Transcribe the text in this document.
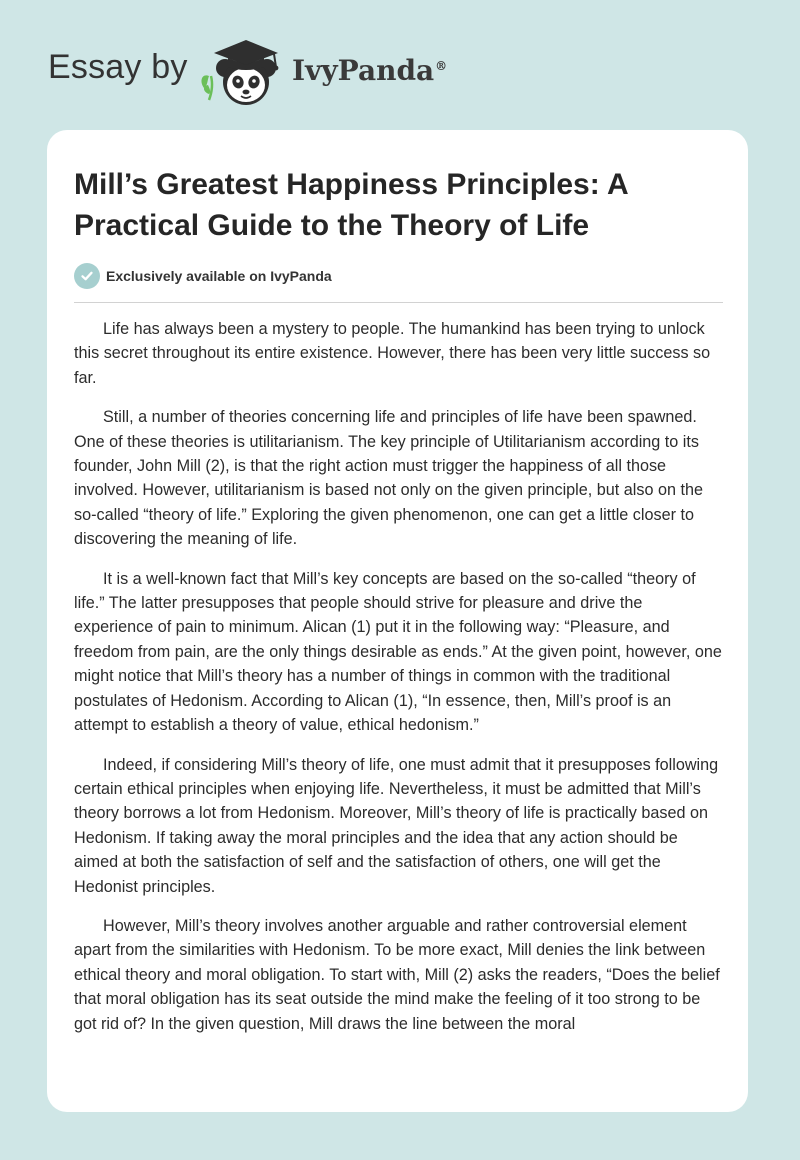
Essay by	IvyPanda®
Mill’s Greatest Happiness Principles: A Practical Guide to the Theory of Life
Exclusively available on IvyPanda

Life has always been a mystery to people. The humankind has been trying to unlock this secret throughout its entire existence. However, there has been very little success so far.

Still, a number of theories concerning life and principles of life have been spawned. One of these theories is utilitarianism. The key principle of Utilitarianism according to its founder, John Mill (2), is that the right action must trigger the happiness of all those involved. However, utilitarianism is based not only on the given principle, but also on the so-called “theory of life.” Exploring the given phenomenon, one can get a little closer to discovering the meaning of life.

It is a well-known fact that Mill’s key concepts are based on the so-called “theory of life.” The latter presupposes that people should strive for pleasure and drive the experience of pain to minimum. Alican (1) put it in the following way: “Pleasure, and freedom from pain, are the only things desirable as ends.” At the given point, however, one might notice that Mill’s theory has a number of things in common with the traditional postulates of Hedonism. According to Alican (1), “In essence, then, Mill’s proof is an attempt to establish a theory of value, ethical hedonism.”

Indeed, if considering Mill’s theory of life, one must admit that it presupposes following certain ethical principles when enjoying life. Nevertheless, it must be admitted that Mill’s theory borrows a lot from Hedonism. Moreover, Mill’s theory of life is practically based on Hedonism. If taking away the moral principles and the idea that any action should be aimed at both the satisfaction of self and the satisfaction of others, one will get the Hedonist principles.

However, Mill’s theory involves another arguable and rather controversial element apart from the similarities with Hedonism. To be more exact, Mill denies the link between ethical theory and moral obligation. To start with, Mill (2) asks the readers, “Does the belief that moral obligation has its seat outside the mind make the feeling of it too strong to be got rid of? In the given question, Mill draws the line between the moral
